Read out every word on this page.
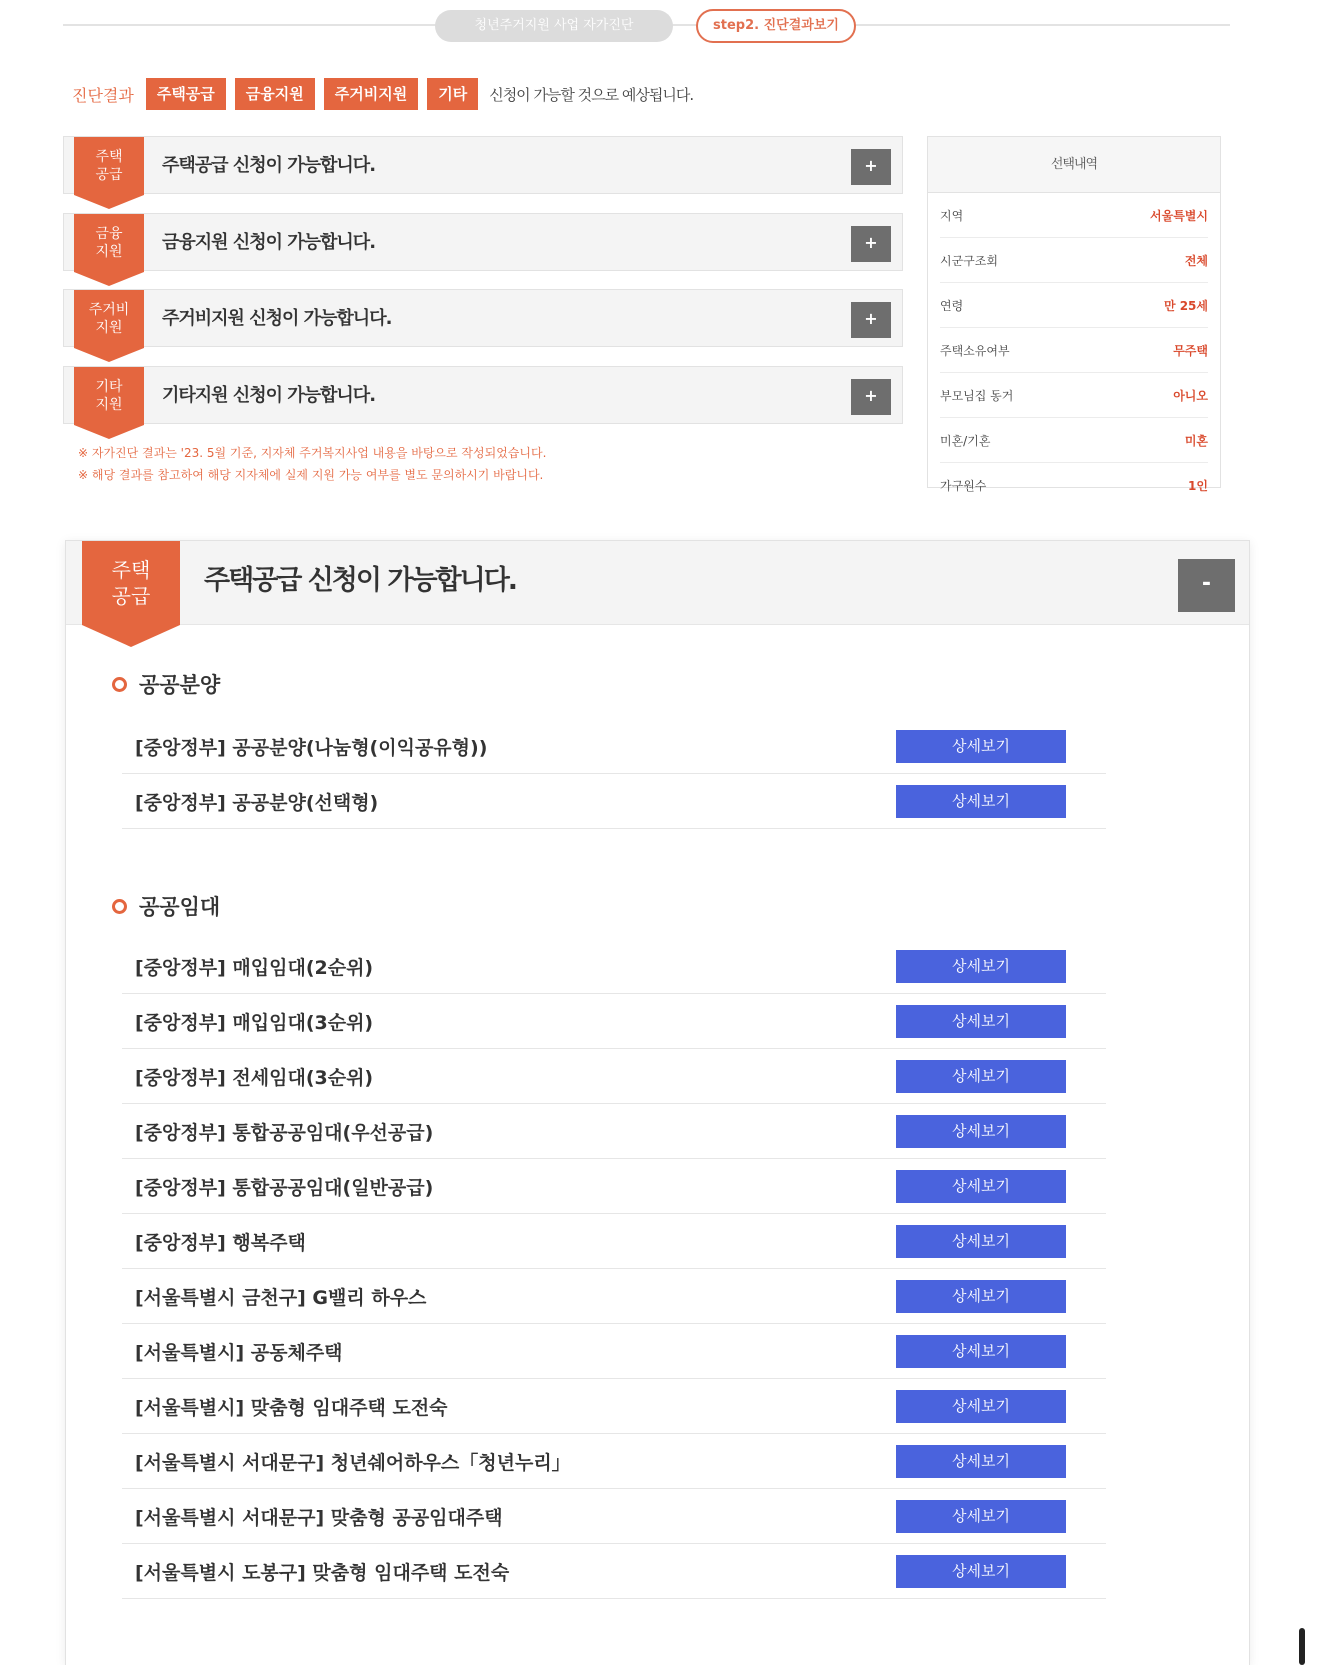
청년주거지원 사업 자가진단	step2. 진단결과보기
진단결과	주택공급	금융지원	주거비지원	기타	신청이 가능할 것으로 예상됩니다.
주택
공급 주택공급 신청이 가능합니다.	+
금융
지원 금융지원 신청이 가능합니다.	+
주거비
지원	주거비지원 신청이 가능합니다.	+
기타
지원 기타지원 신청이 가능합니다.	+
※ 자가진단 결과는 '23. 5월 기준, 지자체 주거복지사업 내용을 바탕으로 작성되었습니다.
※ 해당 결과를 참고하여 해당 지자체에 실제 지원 가능 여부를 별도 문의하시기 바랍니다.
선택내역
지역	서울특별시
시군구조회	전체
연령	만 25세
주택소유여부	무주택
부모님집 동거	아니오
미혼/기혼	미혼
가구원수	1인
주택
공급 주택공급 신청이 가능합니다.	-
공공분양
[중앙정부] 공공분양(나눔형(이익공유형))	상세보기
[중앙정부] 공공분양(선택형)	상세보기
공공임대
[중앙정부] 매입임대(2순위)	상세보기
[중앙정부] 매입임대(3순위)	상세보기
[중앙정부] 전세임대(3순위)	상세보기
[중앙정부] 통합공공임대(우선공급)	상세보기
[중앙정부] 통합공공임대(일반공급)	상세보기
[중앙정부] 행복주택	상세보기
[서울특별시 금천구] G밸리 하우스	상세보기
[서울특별시] 공동체주택	상세보기
[서울특별시] 맞춤형 임대주택 도전숙	상세보기
[서울특별시 서대문구] 청년쉐어하우스「청년누리」	상세보기
[서울특별시 서대문구] 맞춤형 공공임대주택	상세보기
[서울특별시 도봉구] 맞춤형 임대주택 도전숙	상세보기
